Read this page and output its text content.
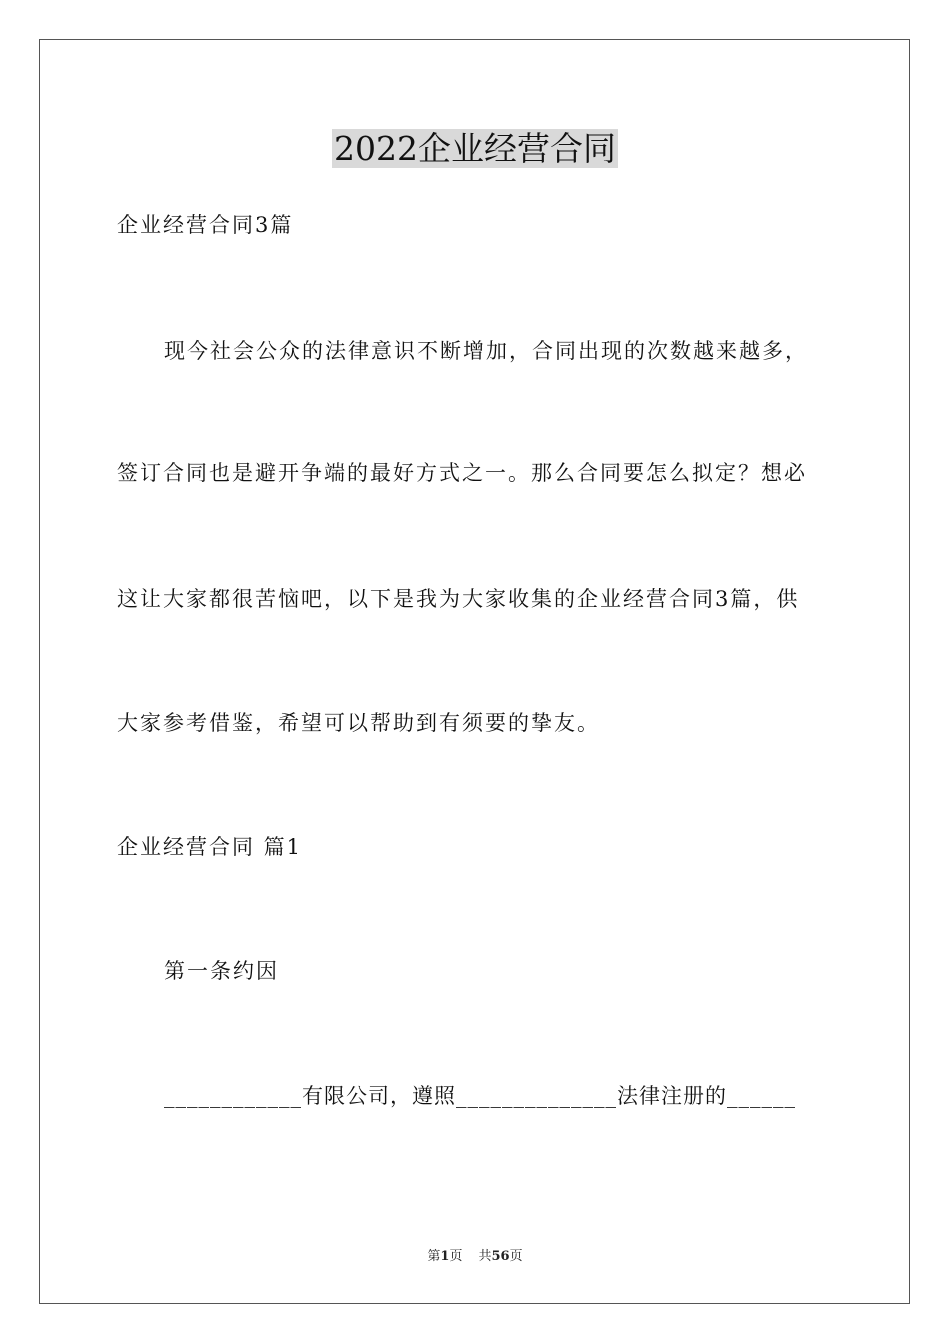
2022企业经营合同
企业经营合同3篇
现今社会公众的法律意识不断增加，合同出现的次数越来越多，
签订合同也是避开争端的最好方式之一。那么合同要怎么拟定？想必
这让大家都很苦恼吧，以下是我为大家收集的企业经营合同3篇，供
大家参考借鉴，希望可以帮助到有须要的挚友。
企业经营合同 篇1
第一条约因
____________有限公司，遵照______________法律注册的______
第1页 共56页
